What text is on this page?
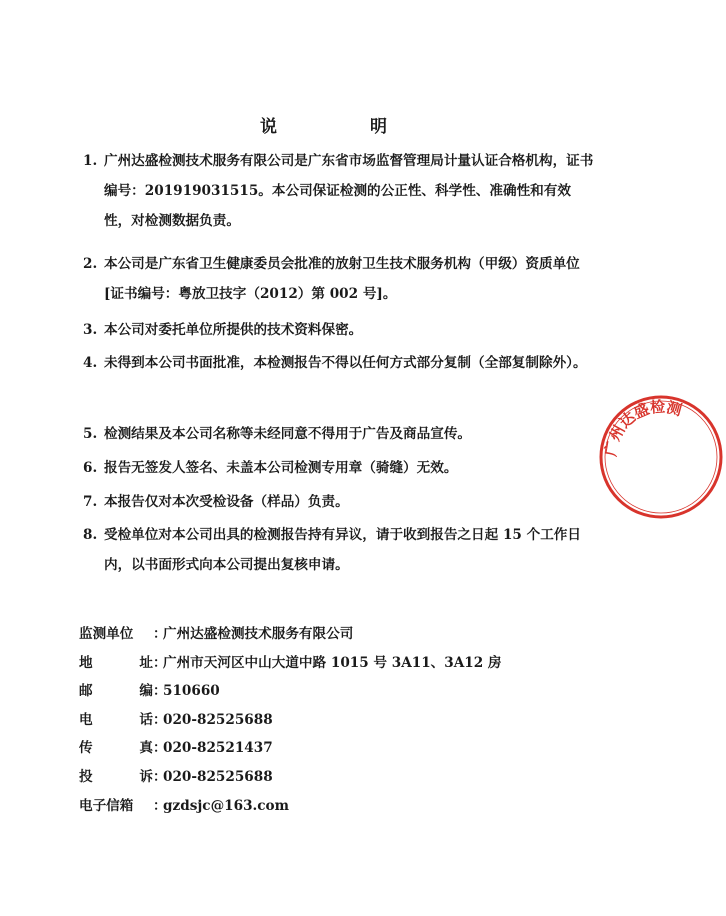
说　明
1. 广州达盛检测技术服务有限公司是广东省市场监督管理局计量认证合格机构，证书编号：201919031515。本公司保证检测的公正性、科学性、准确性和有效性，对检测数据负责。
2. 本公司是广东省卫生健康委员会批准的放射卫生技术服务机构（甲级）资质单位[证书编号：粤放卫技字（2012）第 002 号]。
3. 本公司对委托单位所提供的技术资料保密。
4. 未得到本公司书面批准，本检测报告不得以任何方式部分复制（全部复制除外）。
5. 检测结果及本公司名称等未经同意不得用于广告及商品宣传。
6. 报告无签发人签名、未盖本公司检测专用章（骑缝）无效。
7. 本报告仅对本次受检设备（样品）负责。
8. 受检单位对本公司出具的检测报告持有异议，请于收到报告之日起 15 个工作日内，以书面形式向本公司提出复核申请。
监测单位	：
广州达盛检测技术服务有限公司
地	址 ：
广州市天河区中山大道中路 1015 号 3A11、3A12 房
邮	编 ：
510660
电	话 ：
020-82525688
传	真 ：
020-82521437
投	诉 ：
020-82525688
电子信箱	：
gzdsjc@163.com
广州达盛检测
